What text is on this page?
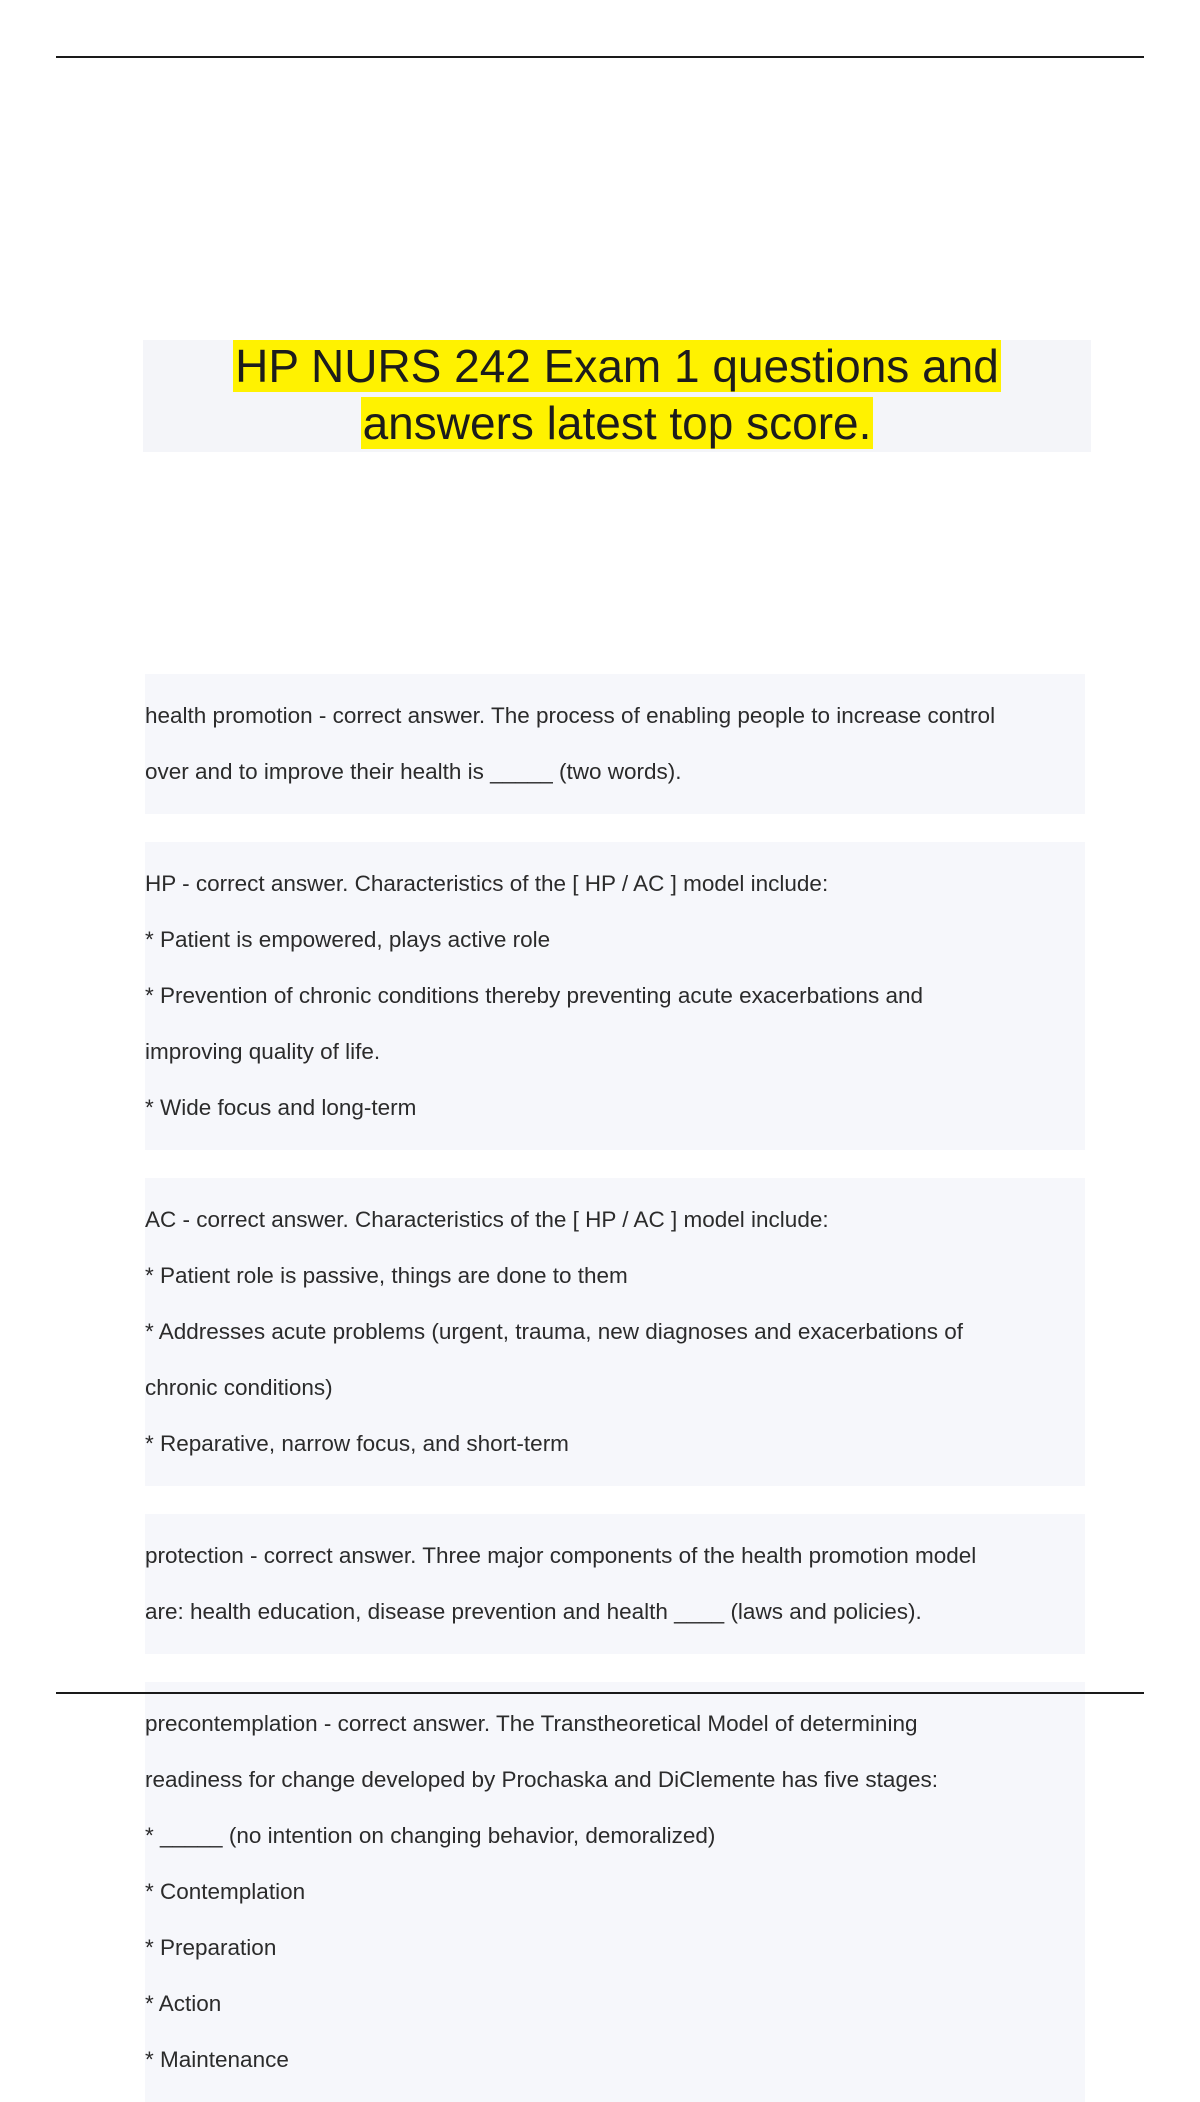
HP NURS 242 Exam 1 questions and
answers latest top score.

health promotion - correct answer. The process of enabling people to increase control

over and to improve their health is _____ (two words).

HP - correct answer. Characteristics of the [ HP / AC ] model include:

* Patient is empowered, plays active role

* Prevention of chronic conditions thereby preventing acute exacerbations and

improving quality of life.

* Wide focus and long-term

AC - correct answer. Characteristics of the [ HP / AC ] model include:

* Patient role is passive, things are done to them

* Addresses acute problems (urgent, trauma, new diagnoses and exacerbations of

chronic conditions)

* Reparative, narrow focus, and short-term

protection - correct answer. Three major components of the health promotion model

are: health education, disease prevention and health ____ (laws and policies).

precontemplation - correct answer. The Transtheoretical Model of determining

readiness for change developed by Prochaska and DiClemente has five stages:

* _____ (no intention on changing behavior, demoralized)

* Contemplation

* Preparation

* Action

* Maintenance
